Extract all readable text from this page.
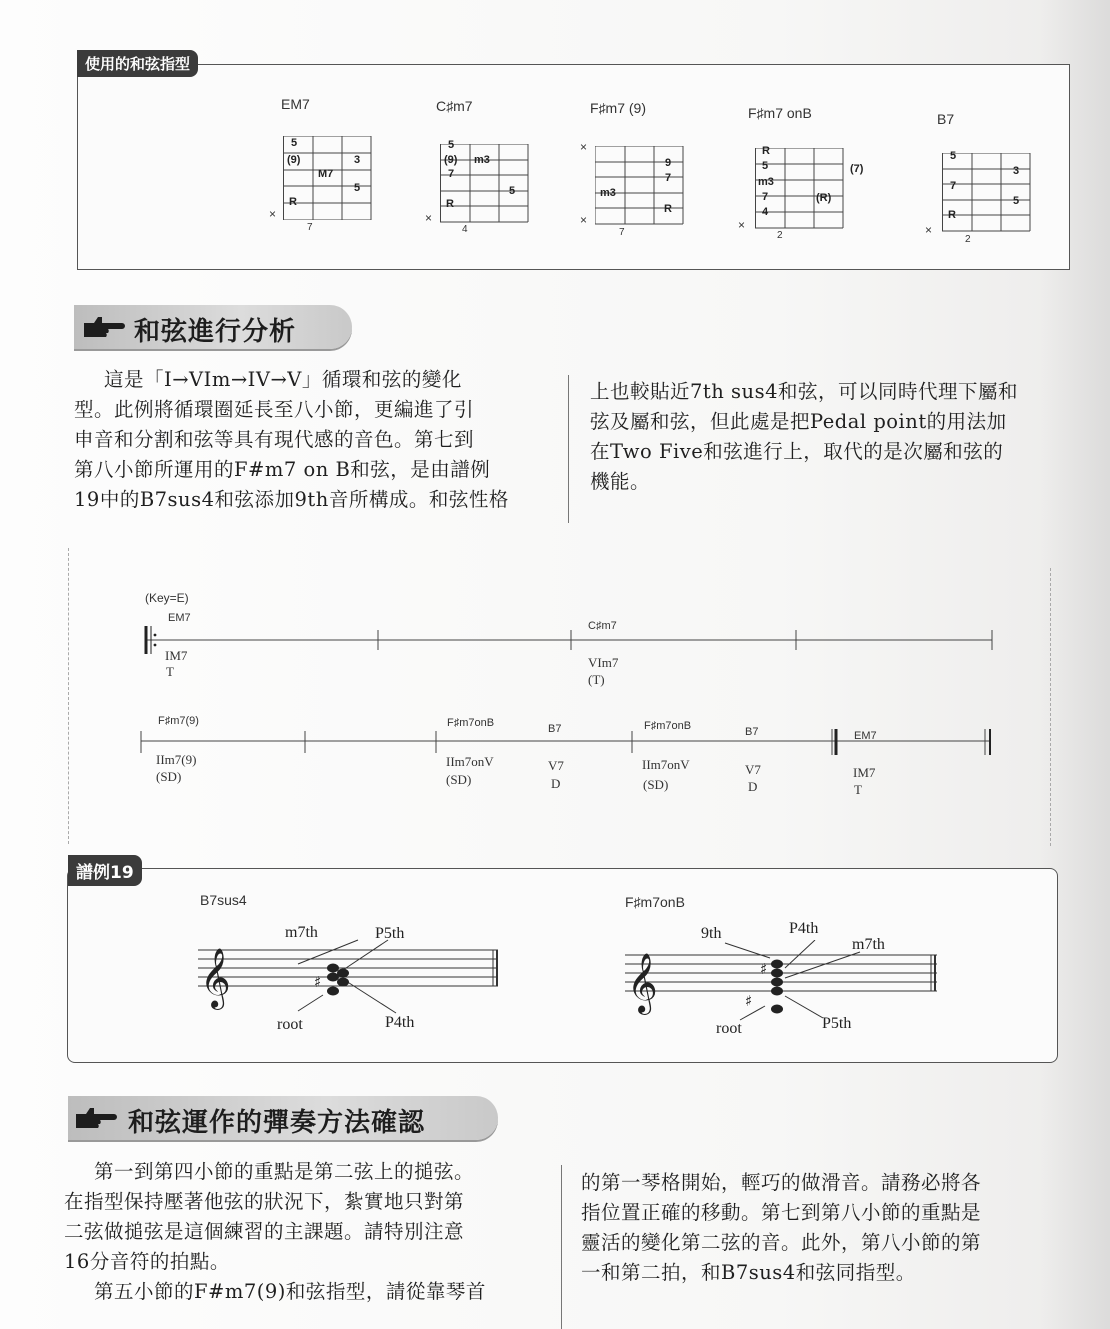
使用的和弦指型
EM7
5
(9)
M7
3
5
R
×
7
C♯m7
5
(9) m3
7
5
R
×
4
F♯m7 (9)
9
7
m3
R
×
×
7
F♯m7 onB
R
5	(7)
m3
7	(R)
4
×
2
B7
5
3
7
5
R
×
2
和弦進行分析
這是「I→VIm→IV→V」循環和弦的變化
型。此例將循環圈延長至八小節，更編進了引
申音和分割和弦等具有現代感的音色。第七到
第八小節所運用的F#m7 on B和弦，是由譜例
19中的B7sus4和弦添加9th音所構成。和弦性格
上也較貼近7th sus4和弦，可以同時代理下屬和
弦及屬和弦，但此處是把Pedal point的用法加
在Two Five和弦進行上，取代的是次屬和弦的
機能。
(Key=E)
EM7
IM7
T
C♯m7
VIm7
(T)
F♯m7(9)
IIm7(9)
(SD)
F♯m7onB
IIm7onV
(SD)
B7
V7
D
F♯m7onB
IIm7onV
(SD)
B7
V7
D
EM7
IM7
T
譜例19
B7sus4
𝄞	♯
m7th	P5th
root	P4th
F♯m7onB
𝄞	♯
♯
9th	P4th
m7th
root	P5th
和弦運作的彈奏方法確認
第一到第四小節的重點是第二弦上的搥弦。
在指型保持壓著他弦的狀況下，紮實地只對第
二弦做搥弦是這個練習的主課題。請特別注意
16分音符的拍點。
第五小節的F#m7(9)和弦指型，請從靠琴首
的第一琴格開始，輕巧的做滑音。請務必將各
指位置正確的移動。第七到第八小節的重點是
靈活的變化第二弦的音。此外，第八小節的第
一和第二拍，和B7sus4和弦同指型。
